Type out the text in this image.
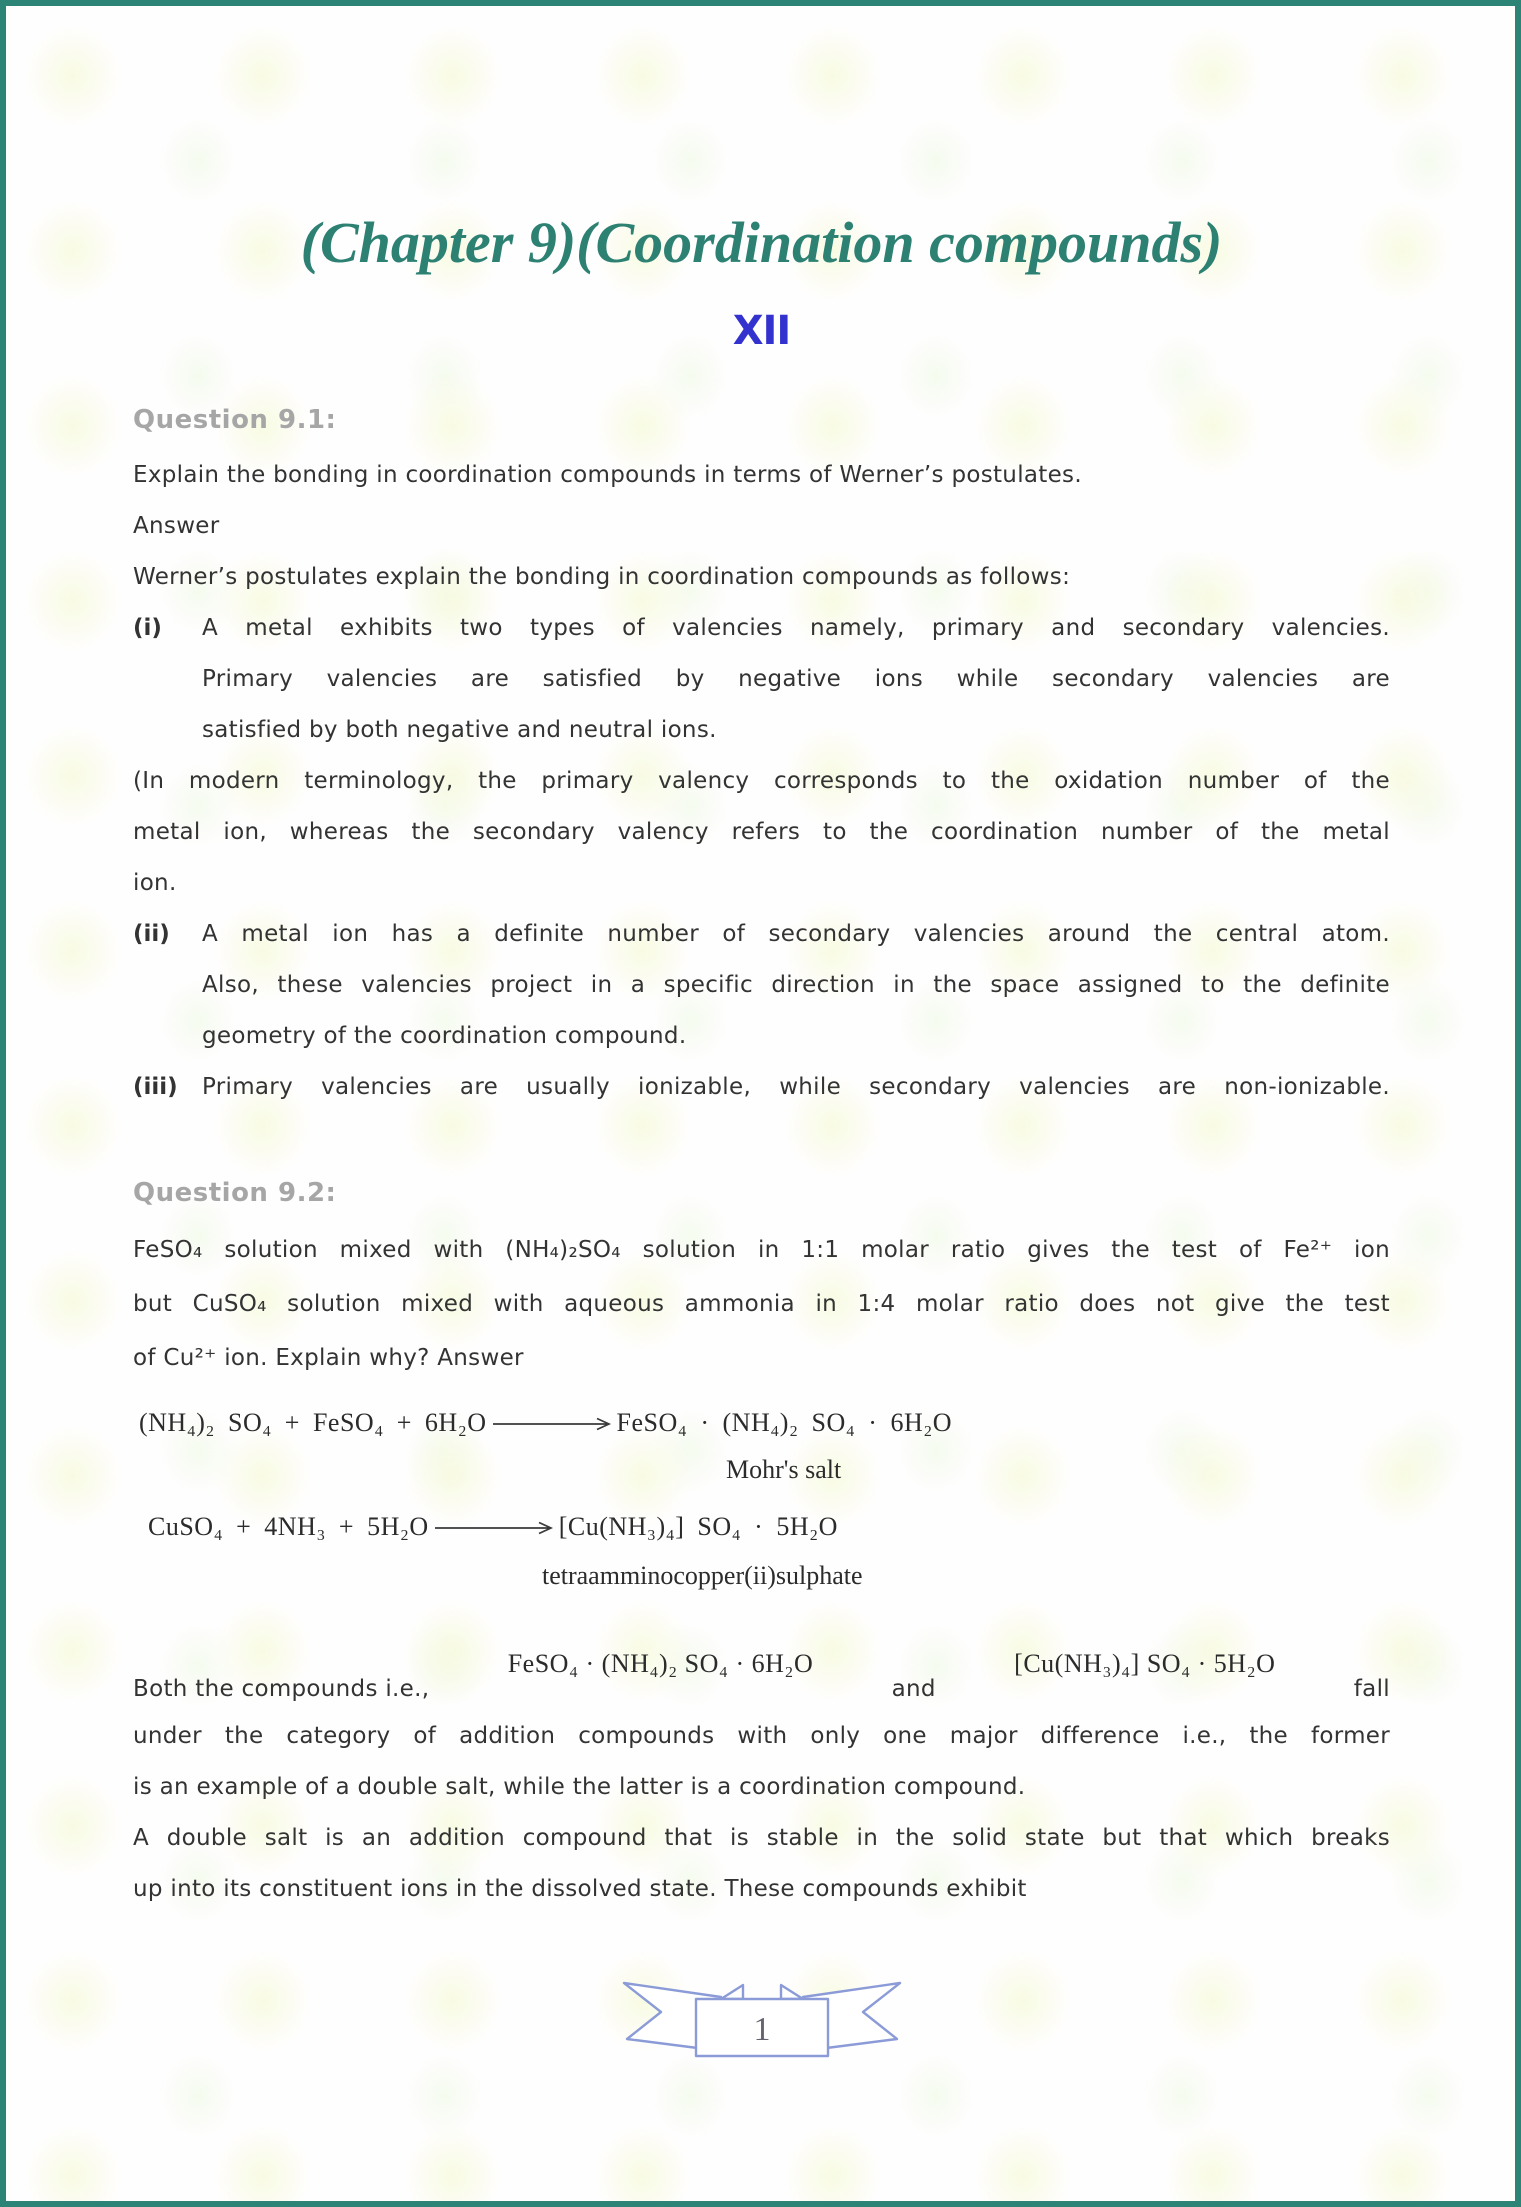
(Chapter 9)(Coordination compounds)
XII
Question 9.1:
Explain the bonding in coordination compounds in terms of Werner’s postulates.
Answer
Werner’s postulates explain the bonding in coordination compounds as follows:
(i) A metal exhibits two types of valencies namely, primary and secondary valencies.
Primary valencies are satisfied by negative ions while secondary valencies are
satisfied by both negative and neutral ions.
(In modern terminology, the primary valency corresponds to the oxidation number of the
metal ion, whereas the secondary valency refers to the coordination number of the metal
ion.
(ii) A metal ion has a definite number of secondary valencies around the central atom.
Also, these valencies project in a specific direction in the space assigned to the definite
geometry of the coordination compound.
(iii) Primary valencies are usually ionizable, while secondary valencies are non-ionizable.
Question 9.2:
FeSO₄ solution mixed with (NH₄)₂SO₄ solution in 1:1 molar ratio gives the test of Fe²⁺ ion
but CuSO₄ solution mixed with aqueous ammonia in 1:4 molar ratio does not give the test
of Cu²⁺ ion. Explain why? Answer
(NH₄)₂ SO₄ + FeSO₄ + 6H₂O	FeSO₄ · (NH₄)₂ SO₄ · 6H₂O
Mohr's salt
CuSO₄ + 4NH₃ + 5H₂O	[Cu(NH₃)₄] SO₄ · 5H₂O
tetraamminocopper(ii)sulphate
Both the compounds i.e.,
FeSO₄ · (NH₄)₂ SO₄ · 6H₂O
and
[Cu(NH₃)₄] SO₄ · 5H₂O
fall
under the category of addition compounds with only one major difference i.e., the former
is an example of a double salt, while the latter is a coordination compound.
A double salt is an addition compound that is stable in the solid state but that which breaks
up into its constituent ions in the dissolved state. These compounds exhibit
1
